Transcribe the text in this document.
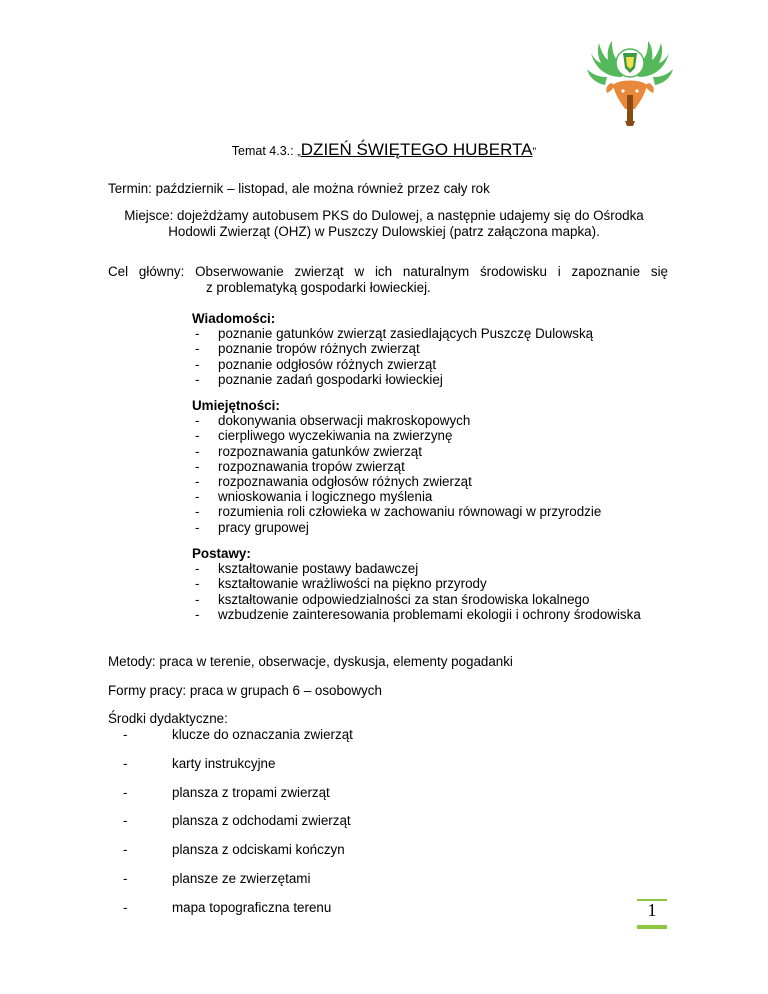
Temat 4.3.: „DZIEŃ ŚWIĘTEGO HUBERTA”
Termin: październik – listopad, ale można również przez cały rok
Miejsce: dojeżdżamy autobusem PKS do Dulowej, a następnie udajemy się do Ośrodka
Hodowli Zwierząt (OHZ) w Puszczy Dulowskiej (patrz załączona mapka).
Cel główny: Obserwowanie zwierząt w ich naturalnym środowisku i zapoznanie się
z problematyką gospodarki łowieckiej.
Wiadomości:
- poznanie gatunków zwierząt zasiedlających Puszczę Dulowską
- poznanie tropów różnych zwierząt
- poznanie odgłosów różnych zwierząt
- poznanie zadań gospodarki łowieckiej
Umiejętności:
- dokonywania obserwacji makroskopowych
- cierpliwego wyczekiwania na zwierzynę
- rozpoznawania gatunków zwierząt
- rozpoznawania tropów zwierząt
- rozpoznawania odgłosów różnych zwierząt
- wnioskowania i logicznego myślenia
- rozumienia roli człowieka w zachowaniu równowagi w przyrodzie
- pracy grupowej
Postawy:
- kształtowanie postawy badawczej
- kształtowanie wrażliwości na piękno przyrody
- kształtowanie odpowiedzialności za stan środowiska lokalnego
- wzbudzenie zainteresowania problemami ekologii i ochrony środowiska
Metody: praca w terenie, obserwacje, dyskusja, elementy pogadanki
Formy pracy: praca w grupach 6 – osobowych
Środki dydaktyczne:
- klucze do oznaczania zwierząt
- karty instrukcyjne
- plansza z tropami zwierząt
- plansza z odchodami zwierząt
- plansza z odciskami kończyn
- plansze ze zwierzętami
- mapa topograficzna terenu	1
